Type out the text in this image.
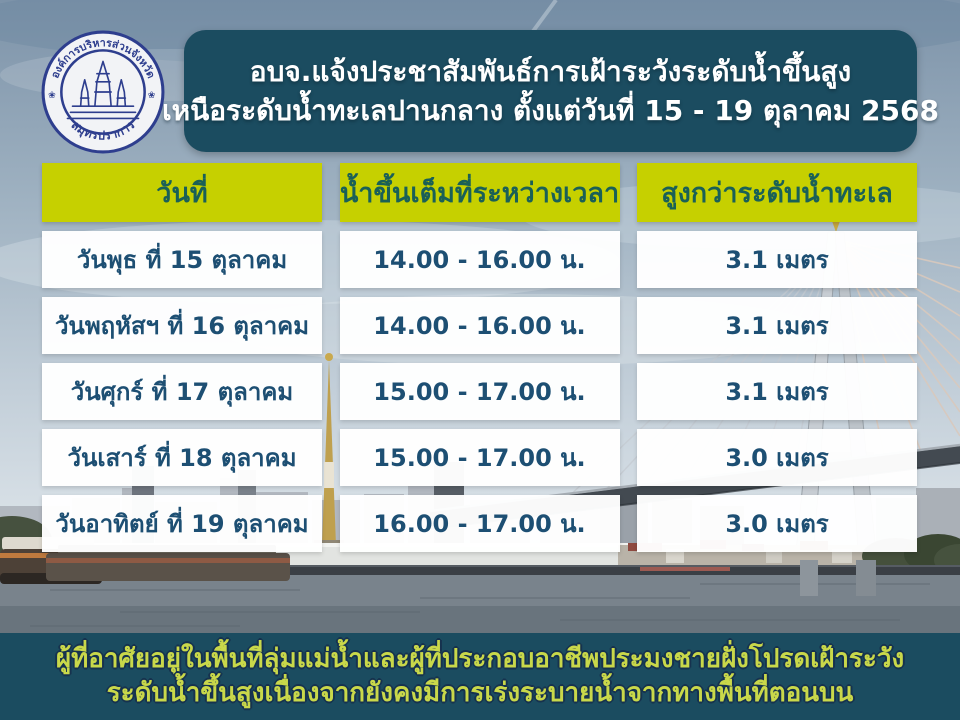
องค์การบริหารส่วนจังหวัด
สมุทรปราการ
❀	❀
อบจ.แจ้งประชาสัมพันธ์การเฝ้าระวังระดับน้ำขึ้นสูง
เหนือระดับน้ำทะเลปานกลาง ตั้งแต่วันที่ 15 - 19 ตุลาคม 2568
วันที่	น้ำขึ้นเต็มที่ระหว่างเวลา	สูงกว่าระดับน้ำทะเล
วันพุธ ที่ 15 ตุลาคม	14.00 - 16.00 น.	3.1 เมตร
วันพฤหัสฯ ที่ 16 ตุลาคม	14.00 - 16.00 น.	3.1 เมตร
วันศุกร์ ที่ 17 ตุลาคม	15.00 - 17.00 น.	3.1 เมตร
วันเสาร์ ที่ 18 ตุลาคม	15.00 - 17.00 น.	3.0 เมตร
วันอาทิตย์ ที่ 19 ตุลาคม	16.00 - 17.00 น.	3.0 เมตร
ผู้ที่อาศัยอยู่ในพื้นที่ลุ่มแม่น้ำและผู้ที่ประกอบอาชีพประมงชายฝั่งโปรดเฝ้าระวัง
ระดับน้ำขึ้นสูงเนื่องจากยังคงมีการเร่งระบายน้ำจากทางพื้นที่ตอนบน
